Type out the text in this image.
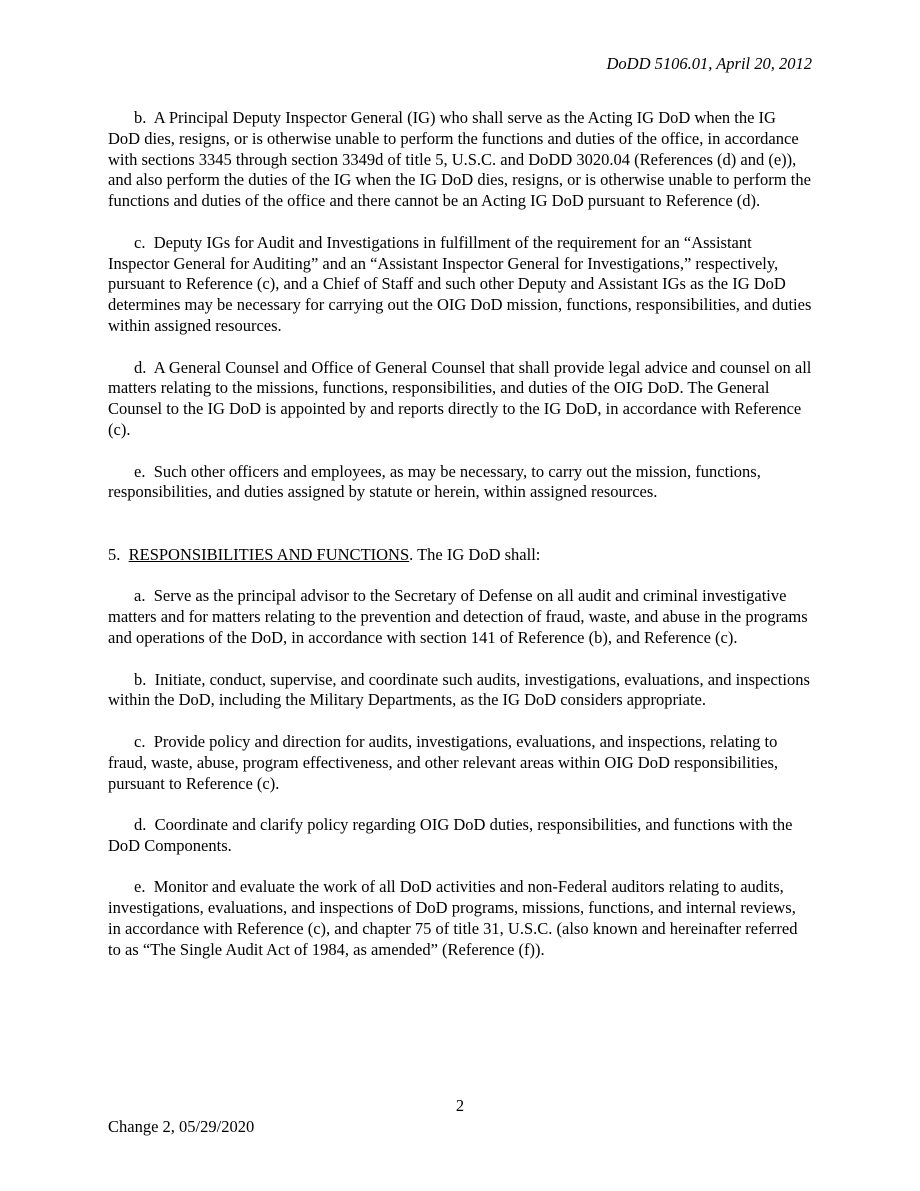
DoDD 5106.01, April 20, 2012

b. A Principal Deputy Inspector General (IG) who shall serve as the Acting IG DoD when the IG DoD dies, resigns, or is otherwise unable to perform the functions and duties of the office, in accordance with sections 3345 through section 3349d of title 5, U.S.C. and DoDD 3020.04 (References (d) and (e)), and also perform the duties of the IG when the IG DoD dies, resigns, or is otherwise unable to perform the functions and duties of the office and there cannot be an Acting IG DoD pursuant to Reference (d).

c. Deputy IGs for Audit and Investigations in fulfillment of the requirement for an “Assistant Inspector General for Auditing” and an “Assistant Inspector General for Investigations,” respectively, pursuant to Reference (c), and a Chief of Staff and such other Deputy and Assistant IGs as the IG DoD determines may be necessary for carrying out the OIG DoD mission, functions, responsibilities, and duties within assigned resources.

d. A General Counsel and Office of General Counsel that shall provide legal advice and counsel on all matters relating to the missions, functions, responsibilities, and duties of the OIG DoD. The General Counsel to the IG DoD is appointed by and reports directly to the IG DoD, in accordance with Reference (c).

e. Such other officers and employees, as may be necessary, to carry out the mission, functions, responsibilities, and duties assigned by statute or herein, within assigned resources.

5. RESPONSIBILITIES AND FUNCTIONS. The IG DoD shall:

a. Serve as the principal advisor to the Secretary of Defense on all audit and criminal investigative matters and for matters relating to the prevention and detection of fraud, waste, and abuse in the programs and operations of the DoD, in accordance with section 141 of Reference (b), and Reference (c).

b. Initiate, conduct, supervise, and coordinate such audits, investigations, evaluations, and inspections within the DoD, including the Military Departments, as the IG DoD considers appropriate.

c. Provide policy and direction for audits, investigations, evaluations, and inspections, relating to fraud, waste, abuse, program effectiveness, and other relevant areas within OIG DoD responsibilities, pursuant to Reference (c).

d. Coordinate and clarify policy regarding OIG DoD duties, responsibilities, and functions with the DoD Components.

e. Monitor and evaluate the work of all DoD activities and non-Federal auditors relating to audits, investigations, evaluations, and inspections of DoD programs, missions, functions, and internal reviews, in accordance with Reference (c), and chapter 75 of title 31, U.S.C. (also known and hereinafter referred to as “The Single Audit Act of 1984, as amended” (Reference (f)).

2
Change 2, 05/29/2020
